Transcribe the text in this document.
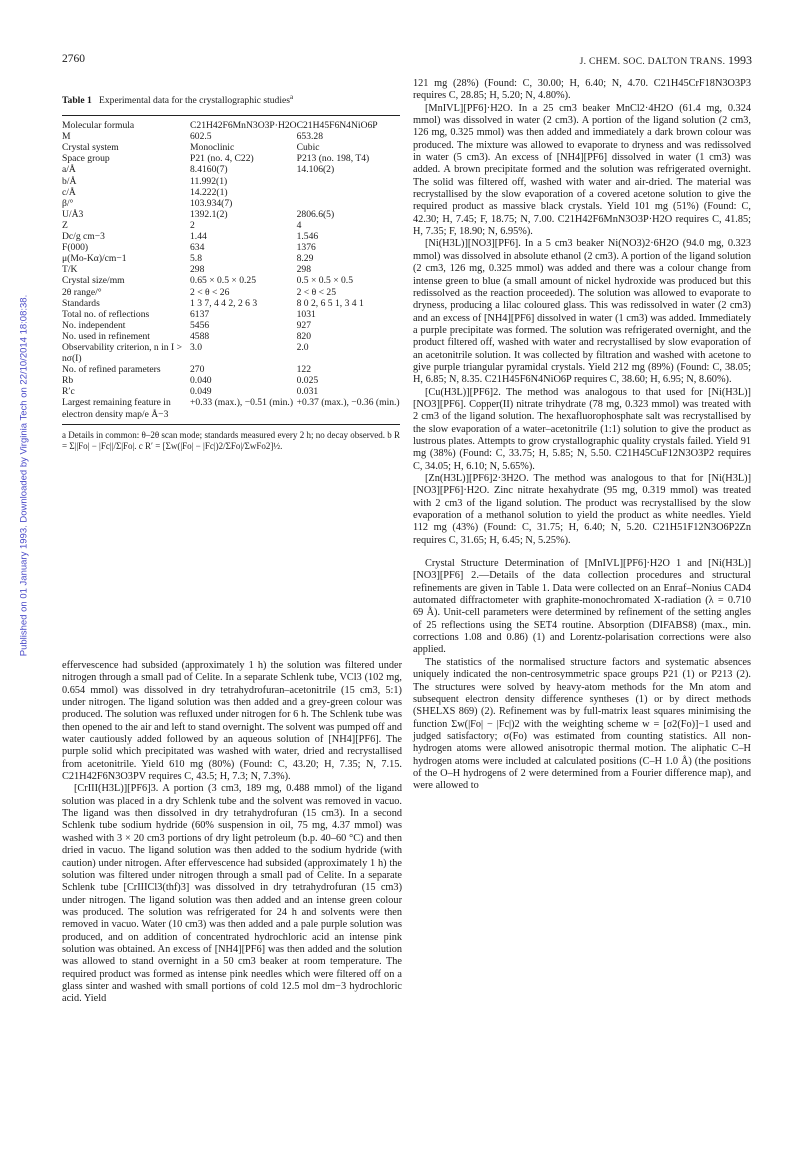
2760	J. CHEM. SOC. DALTON TRANS. 1993
Published on 01 January 1993. Downloaded by Virginia Tech on 22/10/2014 18:08:38.
Table 1 Experimental data for the crystallographic studies$^a$
Molecular formula	C21H42F6MnN3O3P·H2O	C21H45F6N4NiO6P
M	602.5	653.28
Crystal system	Monoclinic	Cubic
Space group	P21 (no. 4, C22)	P213 (no. 198, T4)
a/Å	8.4160(7)	14.106(2)
b/Å	11.992(1)	
c/Å	14.222(1)	
β/°	103.934(7)	
U/Å3	1392.1(2)	2806.6(5)
Z	2	4
Dc/g cm−3	1.44	1.546
F(000)	634	1376
μ(Mo-Kα)/cm−1	5.8	8.29
T/K	298	298
Crystal size/mm	0.65 × 0.5 × 0.25	0.5 × 0.5 × 0.5
2θ range/°	2 < θ < 26	2 < θ < 25
Standards	1 3 7, 4 4 2, 2 6 3	8 0 2, 6 5 1, 3 4 1
Total no. of reflections	6137	1031
No. independent	5456	927
No. used in refinement	4588	820
Observability criterion, n in I > nσ(I)	3.0	2.0
No. of refined parameters	270	122
Rb	0.040	0.025
R′c	0.049	0.031
Largest remaining feature in electron density map/e Å−3	+0.33 (max.), −0.51 (min.)	+0.37 (max.), −0.36 (min.)
a Details in common: θ–2θ scan mode; standards measured every 2 h; no decay observed. b R = Σ||Fo| − |Fc||/Σ|Fo|. c R′ = [Σw(|Fo| − |Fc|)2/ΣFo|/ΣwFo2]½.

effervescence had subsided (approximately 1 h) the solution was filtered under nitrogen through a small pad of Celite. In a separate Schlenk tube, VCl3 (102 mg, 0.654 mmol) was dissolved in dry tetrahydrofuran–acetonitrile (15 cm3, 5:1) under nitrogen. The ligand solution was then added and a grey-green colour was produced. The solution was refluxed under nitrogen for 6 h. The Schlenk tube was then opened to the air and left to stand overnight. The solvent was pumped off and water cautiously added followed by an aqueous solution of [NH4][PF6]. The purple solid which precipitated was washed with water, dried and recrystallised from acetonitrile. Yield 610 mg (80%) (Found: C, 43.20; H, 7.35; N, 7.15. C21H42F6N3O3PV requires C, 43.5; H, 7.3; N, 7.3%).

[CrIII(H3L)][PF6]3. A portion (3 cm3, 189 mg, 0.488 mmol) of the ligand solution was placed in a dry Schlenk tube and the solvent was removed in vacuo. The ligand was then dissolved in dry tetrahydrofuran (15 cm3). In a second Schlenk tube sodium hydride (60% suspension in oil, 75 mg, 4.37 mmol) was washed with 3 × 20 cm3 portions of dry light petroleum (b.p. 40–60 °C) and then dried in vacuo. The ligand solution was then added to the sodium hydride (with caution) under nitrogen. After effervescence had subsided (approximately 1 h) the solution was filtered under nitrogen through a small pad of Celite. In a separate Schlenk tube [CrIIICl3(thf)3] was dissolved in dry tetrahydrofuran (15 cm3) under nitrogen. The ligand solution was then added and an intense green colour was produced. The solution was refrigerated for 24 h and solvents were then removed in vacuo. Water (10 cm3) was then added and a pale purple solution was produced, and on addition of concentrated hydrochloric acid an intense pink solution was obtained. An excess of [NH4][PF6] was then added and the solution was allowed to stand overnight in a 50 cm3 beaker at room temperature. The required product was formed as intense pink needles which were filtered off on a glass sinter and washed with small portions of cold 12.5 mol dm−3 hydrochloric acid. Yield

121 mg (28%) (Found: C, 30.00; H, 6.40; N, 4.70. C21H45CrF18N3O3P3 requires C, 28.85; H, 5.20; N, 4.80%).

[MnIVL][PF6]·H2O. In a 25 cm3 beaker MnCl2·4H2O (61.4 mg, 0.324 mmol) was dissolved in water (2 cm3). A portion of the ligand solution (2 cm3, 126 mg, 0.325 mmol) was then added and immediately a dark brown colour was produced. The mixture was allowed to evaporate to dryness and was redissolved in water (5 cm3). An excess of [NH4][PF6] dissolved in water (1 cm3) was added. A brown precipitate formed and the solution was refrigerated overnight. The solid was filtered off, washed with water and air-dried. The material was recrystallised by the slow evaporation of a covered acetone solution to give the required product as massive black crystals. Yield 101 mg (51%) (Found: C, 42.30; H, 7.45; F, 18.75; N, 7.00. C21H42F6MnN3O3P·H2O requires C, 41.85; H, 7.35; F, 18.90; N, 6.95%).

[Ni(H3L)][NO3][PF6]. In a 5 cm3 beaker Ni(NO3)2·6H2O (94.0 mg, 0.323 mmol) was dissolved in absolute ethanol (2 cm3). A portion of the ligand solution (2 cm3, 126 mg, 0.325 mmol) was added and there was a colour change from intense green to blue (a small amount of nickel hydroxide was produced but this redissolved as the reaction proceeded). The solution was allowed to evaporate to dryness, producing a lilac coloured glass. This was redissolved in water (2 cm3) and an excess of [NH4][PF6] dissolved in water (1 cm3) was added. Immediately a purple precipitate was formed. The solution was refrigerated overnight, and the product filtered off, washed with water and recrystallised by slow evaporation of an acetonitrile solution. It was collected by filtration and washed with acetone to give purple triangular pyramidal crystals. Yield 212 mg (89%) (Found: C, 38.05; H, 6.85; N, 8.35. C21H45F6N4NiO6P requires C, 38.60; H, 6.95; N, 8.60%).

[Cu(H3L)][PF6]2. The method was analogous to that used for [Ni(H3L)][NO3][PF6]. Copper(II) nitrate trihydrate (78 mg, 0.323 mmol) was treated with 2 cm3 of the ligand solution. The hexafluorophosphate salt was recrystallised by the slow evaporation of a water–acetonitrile (1:1) solution to give the product as lustrous plates. Attempts to grow crystallographic quality crystals failed. Yield 91 mg (38%) (Found: C, 33.75; H, 5.85; N, 5.50. C21H45CuF12N3O3P2 requires C, 34.05; H, 6.10; N, 5.65%).

[Zn(H3L)][PF6]2·3H2O. The method was analogous to that for [Ni(H3L)][NO3][PF6]·H2O. Zinc nitrate hexahydrate (95 mg, 0.319 mmol) was treated with 2 cm3 of the ligand solution. The product was recrystallised by the slow evaporation of a methanol solution to yield the product as white needles. Yield 112 mg (43%) (Found: C, 31.75; H, 6.40; N, 5.20. C21H51F12N3O6P2Zn requires C, 31.65; H, 6.45; N, 5.25%).

Crystal Structure Determination of [MnIVL][PF6]·H2O 1 and [Ni(H3L)][NO3][PF6] 2.—Details of the data collection procedures and structural refinements are given in Table 1. Data were collected on an Enraf–Nonius CAD4 automated diffractometer with graphite-monochromated X-radiation (λ = 0.710 69 Å). Unit-cell parameters were determined by refinement of the setting angles of 25 reflections using the SET4 routine. Absorption (DIFABS8) (max., min. corrections 1.08 and 0.86) (1) and Lorentz-polarisation corrections were also applied.

The statistics of the normalised structure factors and systematic absences uniquely indicated the non-centrosymmetric space groups P21 (1) or P213 (2). The structures were solved by heavy-atom methods for the Mn atom and subsequent electron density difference syntheses (1) or by direct methods (SHELXS 869) (2). Refinement was by full-matrix least squares minimising the function Σw(|Fo| − |Fc|)2 with the weighting scheme w = [σ2(Fo)]−1 used and judged satisfactory; σ(Fo) was estimated from counting statistics. All non-hydrogen atoms were allowed anisotropic thermal motion. The aliphatic C–H hydrogen atoms were included at calculated positions (C–H 1.0 Å) (the positions of the O–H hydrogens of 2 were determined from a Fourier difference map), and were allowed to
